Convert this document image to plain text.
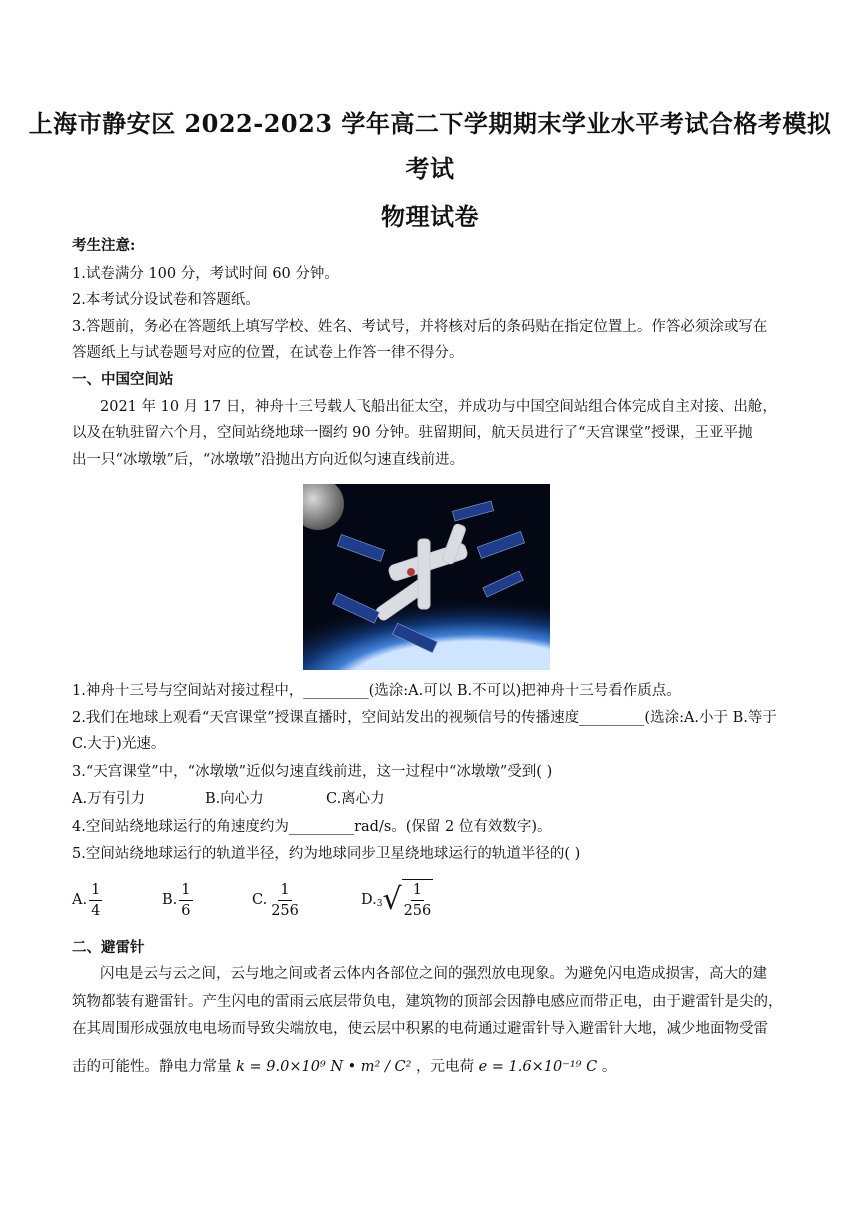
上海市静安区 2022-2023 学年高二下学期期末学业水平考试合格考模拟
考试
物理试卷
考生注意:
1.试卷满分 100 分，考试时间 60 分钟。
2.本考试分设试卷和答题纸。
3.答题前，务必在答题纸上填写学校、姓名、考试号，并将核对后的条码贴在指定位置上。作答必须涂或写在
答题纸上与试卷题号对应的位置，在试卷上作答一律不得分。
一、中国空间站
2021 年 10 月 17 日，神舟十三号载人飞船出征太空，并成功与中国空间站组合体完成自主对接、出舱，
以及在轨驻留六个月，空间站绕地球一圈约 90 分钟。驻留期间，航天员进行了“天宫课堂”授课，王亚平抛
出一只“冰墩墩”后，“冰墩墩”沿抛出方向近似匀速直线前进。
1.神舟十三号与空间站对接过程中，_________(选涂:A.可以 B.不可以)把神舟十三号看作质点。
2.我们在地球上观看“天宫课堂”授课直播时，空间站发出的视频信号的传播速度_________(选涂:A.小于 B.等于
C.大于)光速。
3.“天宫课堂”中，“冰墩墩”近似匀速直线前进，这一过程中“冰墩墩”受到( )
A.万有引力	B.向心力	C.离心力
4.空间站绕地球运行的角速度约为_________rad/s。(保留 2 位有效数字)。
5.空间站绕地球运行的轨道半径，约为地球同步卫星绕地球运行的轨道半径的( )
A. $\frac{1}{4}$	B. $\frac{1}{6}$	C. $\frac{1}{256}$	D. 3 √ $\frac{1}{256}$
二、避雷针
闪电是云与云之间，云与地之间或者云体内各部位之间的强烈放电现象。为避免闪电造成损害，高大的建
筑物都装有避雷针。产生闪电的雷雨云底层带负电，建筑物的顶部会因静电感应而带正电，由于避雷针是尖的，
在其周围形成强放电电场而导致尖端放电，使云层中积累的电荷通过避雷针导入避雷针大地，减少地面物受雷
击的可能性。静电力常量 k = 9.0×10⁹ N • m² / C² ，元电荷 e = 1.6×10⁻¹⁹ C 。
